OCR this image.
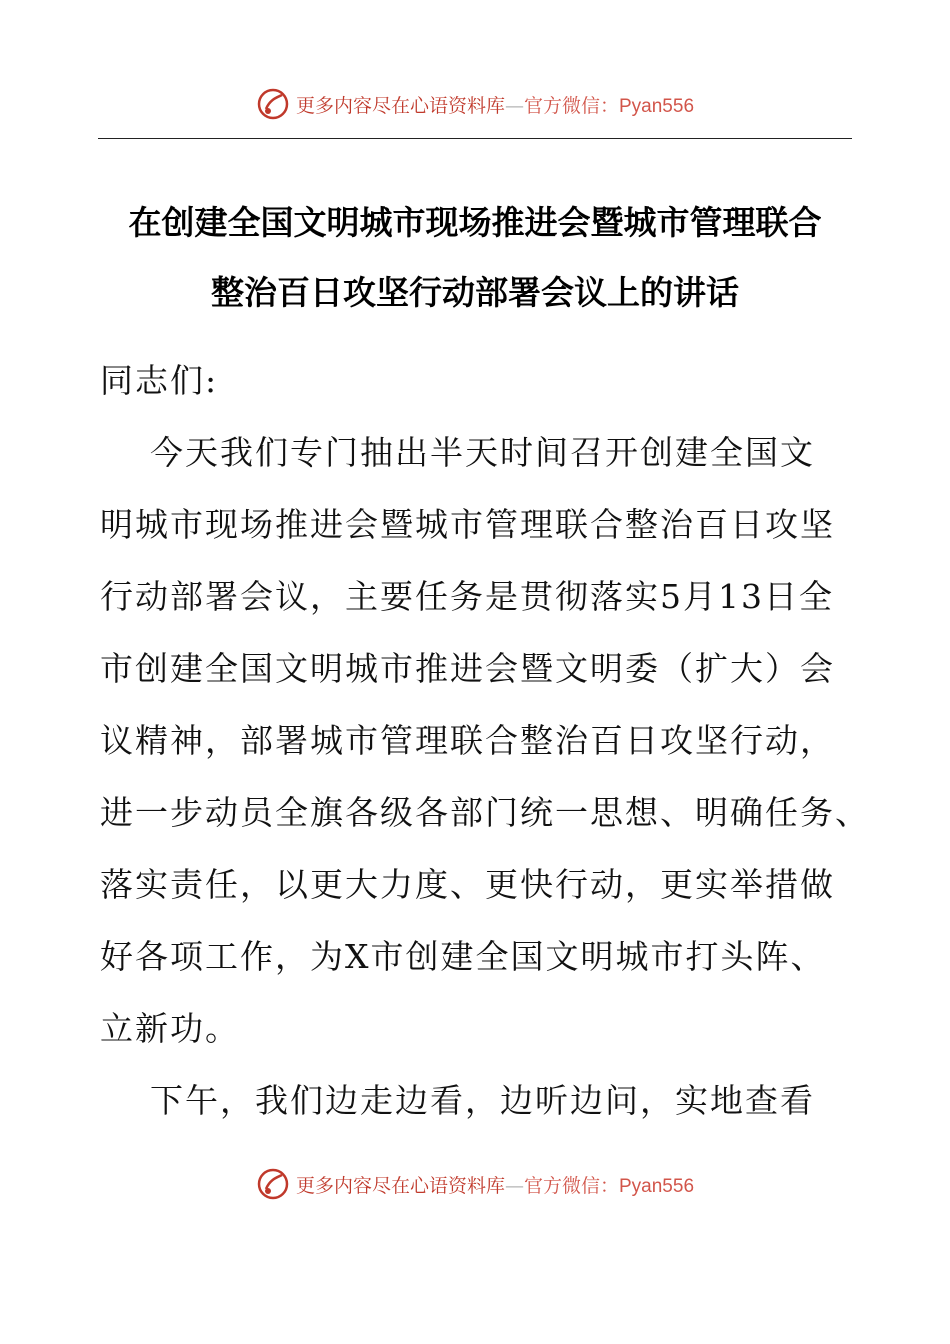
更多内容尽在心语资料库—官方微信：Pyan556
在创建全国文明城市现场推进会暨城市管理联合
整治百日攻坚行动部署会议上的讲话

同志们:

今天我们专门抽出半天时间召开创建全国文
明城市现场推进会暨城市管理联合整治百日攻坚
行动部署会议，主要任务是贯彻落实5月13日全
市创建全国文明城市推进会暨文明委（扩大）会
议精神，部署城市管理联合整治百日攻坚行动，
进一步动员全旗各级各部门统一思想、明确任务、
落实责任，以更大力度、更快行动，更实举措做
好各项工作，为X市创建全国文明城市打头阵、
立新功。

下午，我们边走边看，边听边问，实地查看

更多内容尽在心语资料库—官方微信：Pyan556
